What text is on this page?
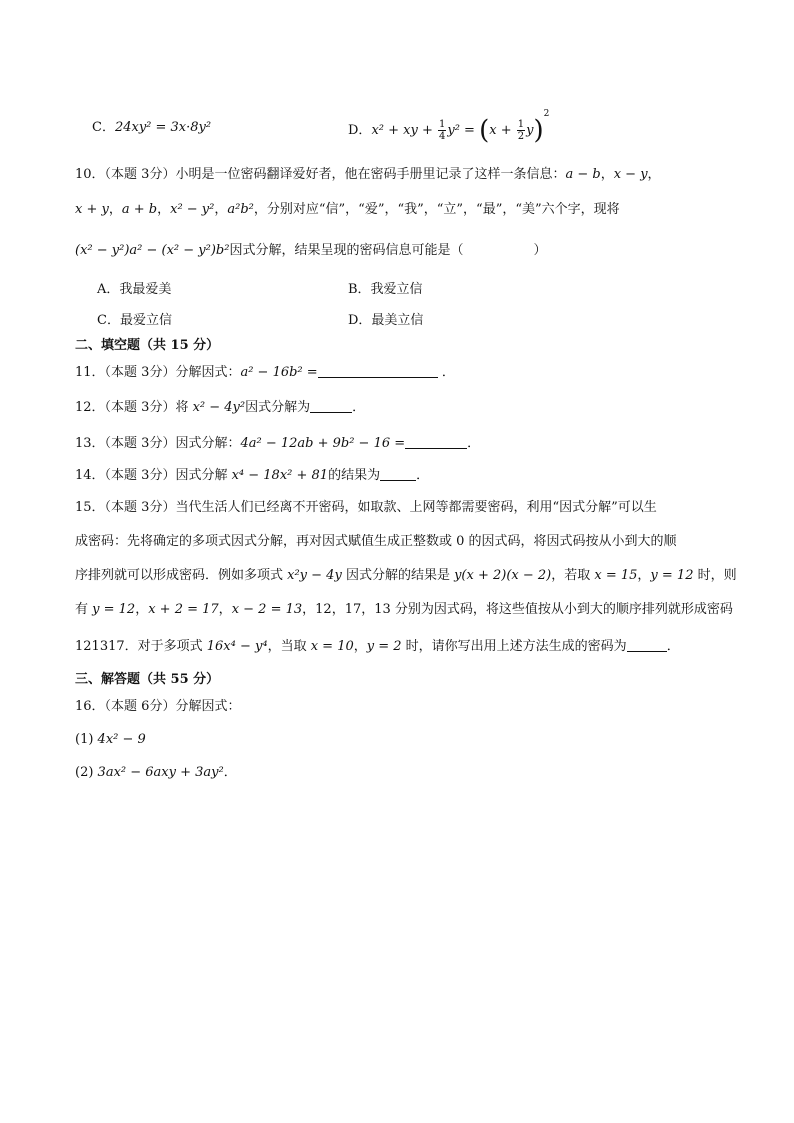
C．24xy² = 3x·8y²	D．x² + xy + $\frac{1}{4} y^2 = (x + \frac{1}{2} y)^2$
10．（本题 3分）小明是一位密码翻译爱好者，他在密码手册里记录了这样一条信息：a − b，x − y，
x + y，a + b，x² − y²，a²b²，分别对应“信”，“爱”，“我”，“立”，“最”，“美”六个字，现将
(x² − y²)a² − (x² − y²)b²因式分解，结果呈现的密码信息可能是（	）
A．我最爱美	B．我爱立信
C．最爱立信	D．最美立信
二、填空题（共 15 分）
11．（本题 3分）分解因式：a² − 16b² =	．
12．（本题 3分）将 x² − 4y²因式分解为	．
13．（本题 3分）因式分解：4a² − 12ab + 9b² − 16 =	．
14．（本题 3分）因式分解 x⁴ − 18x² + 81的结果为	．
15．（本题 3分）当代生活人们已经离不开密码，如取款、上网等都需要密码，利用“因式分解”可以生
成密码：先将确定的多项式因式分解，再对因式赋值生成正整数或 0 的因式码，将因式码按从小到大的顺
序排列就可以形成密码．例如多项式 x²y − 4y 因式分解的结果是 y(x + 2)(x − 2)，若取 x = 15，y = 12 时，则
有 y = 12，x + 2 = 17，x − 2 = 13，12，17，13 分别为因式码，将这些值按从小到大的顺序排列就形成密码
121317．对于多项式 16x⁴ − y⁴，当取 x = 10，y = 2 时，请你写出用上述方法生成的密码为	．
三、解答题（共 55 分）
16．（本题 6分）分解因式：
(1) 4x² − 9
(2) 3ax² − 6axy + 3ay²．
